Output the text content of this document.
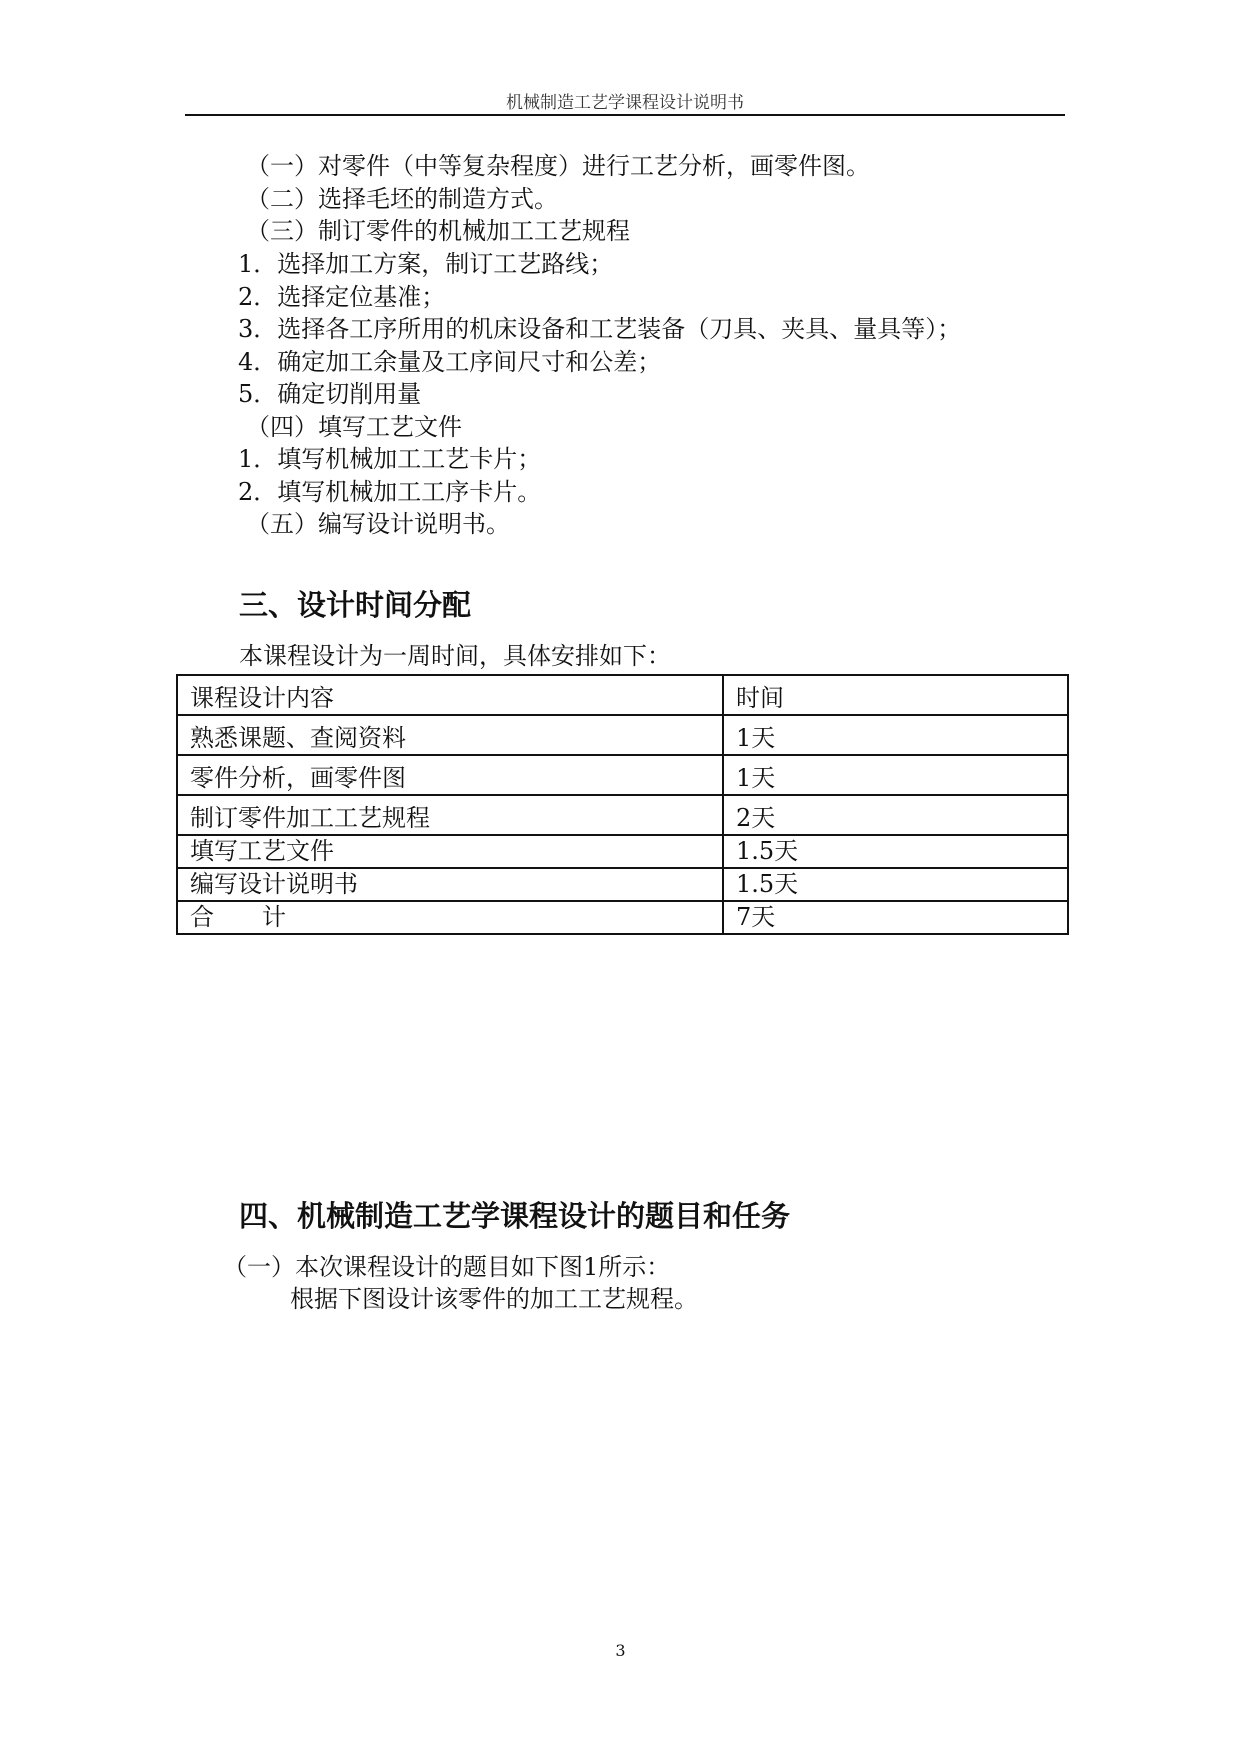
机械制造工艺学课程设计说明书
（一）对零件（中等复杂程度）进行工艺分析，画零件图。
（二）选择毛坯的制造方式。
（三）制订零件的机械加工工艺规程
1．选择加工方案，制订工艺路线；
2．选择定位基准；
3．选择各工序所用的机床设备和工艺装备（刀具、夹具、量具等）；
4．确定加工余量及工序间尺寸和公差；
5．确定切削用量
（四）填写工艺文件
1．填写机械加工工艺卡片；
2．填写机械加工工序卡片。
（五）编写设计说明书。
三、设计时间分配
本课程设计为一周时间，具体安排如下：
课程设计内容	时间
熟悉课题、查阅资料	1天
零件分析，画零件图	1天
制订零件加工工艺规程	2天
填写工艺文件	1.5天
编写设计说明书	1.5天
合　　计	7天
四、机械制造工艺学课程设计的题目和任务
（一）本次课程设计的题目如下图1所示：
根据下图设计该零件的加工工艺规程。
3
